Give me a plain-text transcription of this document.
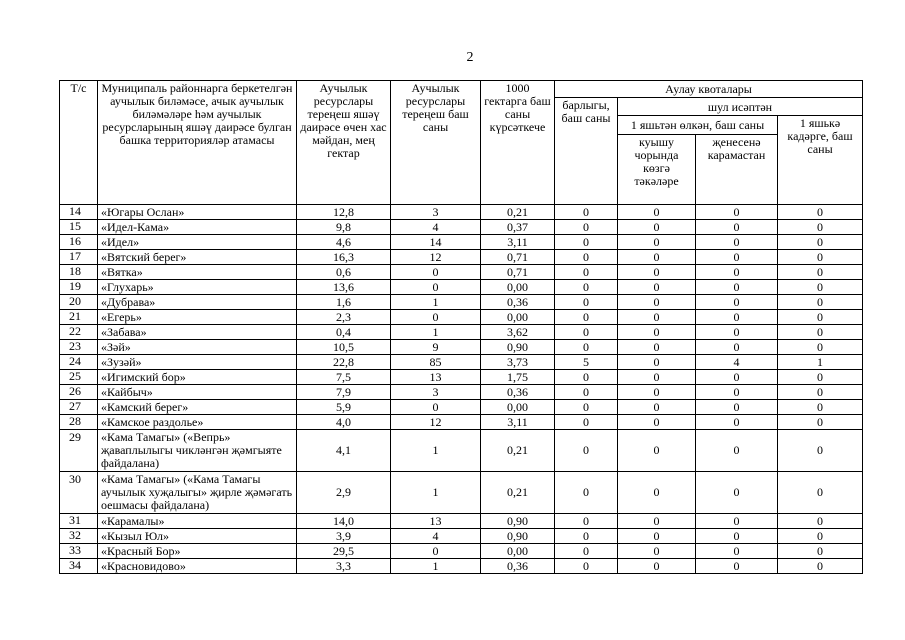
2
Т/с	Муниципаль районнарга беркетелгән аучылык биләмәсе, ачык аучылык биләмәләре һәм аучылык ресурсларының яшәү даирәсе булган башка территорияләр атамасы	Аучылык ресурслары тереңеш яшәү даирәсе өчен хас мәйдан, мең гектар	Аучылык ресурслары тереңеш баш саны	1000 гектарга баш саны күрсәткече	Аулау квоталары			
					барлыгы, баш саны	шул исәптән		
						1 яшьтән өлкән, баш саны		1 яшькә кадәрге, баш саны
						куышу чорында көзгә тәкәләре	җенесенә карамастан	
14	«Югары Ослан»	12,8	3	0,21	0	0	0	0
15	«Идел-Кама»	9,8	4	0,37	0	0	0	0
16	«Идел»	4,6	14	3,11	0	0	0	0
17	«Вятский берег»	16,3	12	0,71	0	0	0	0
18	«Вятка»	0,6	0	0,71	0	0	0	0
19	«Глухарь»	13,6	0	0,00	0	0	0	0
20	«Дубрава»	1,6	1	0,36	0	0	0	0
21	«Егерь»	2,3	0	0,00	0	0	0	0
22	«Забава»	0,4	1	3,62	0	0	0	0
23	«Зәй»	10,5	9	0,90	0	0	0	0
24	«Зузәй»	22,8	85	3,73	5	0	4	1
25	«Игимский бор»	7,5	13	1,75	0	0	0	0
26	«Кайбыч»	7,9	3	0,36	0	0	0	0
27	«Камский берег»	5,9	0	0,00	0	0	0	0
28	«Камское раздолье»	4,0	12	3,11	0	0	0	0
29	«Кама Тамагы» («Вепрь» җаваплылыгы чикләнгән җәмгыяте файдалана)	4,1	1	0,21	0	0	0	0
30	«Кама Тамагы» («Кама Тамагы аучылык хуҗалыгы» җирле җәмәгать оешмасы файдалана)	2,9	1	0,21	0	0	0	0
31	«Карамалы»	14,0	13	0,90	0	0	0	0
32	«Кызыл Юл»	3,9	4	0,90	0	0	0	0
33	«Красный Бор»	29,5	0	0,00	0	0	0	0
34	«Красновидово»	3,3	1	0,36	0	0	0	0
